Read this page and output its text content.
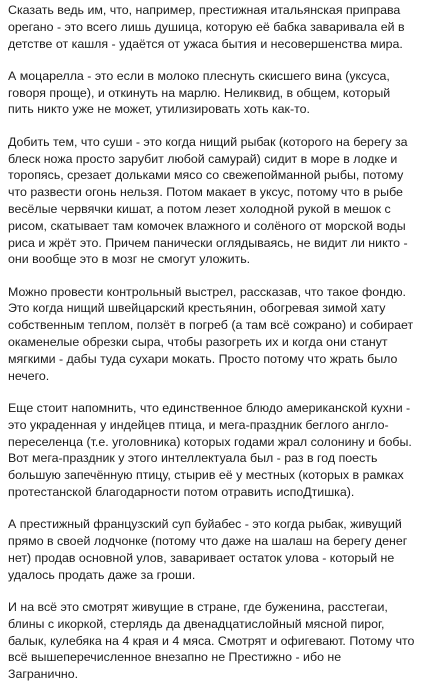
Сказать ведь им, что, например, престижная итальянская приправа
орегано - это всего лишь душица, которую её бабка заваривала ей в
детстве от кашля - удаётся от ужаса бытия и несовершенства мира.
А моцарелла - это если в молоко плеснуть скисшего вина (уксуса,
говоря проще), и откинуть на марлю. Неликвид, в общем, который
пить никто уже не может, утилизировать хоть как-то.
Добить тем, что суши - это когда нищий рыбак (которого на берегу за
блеск ножа просто зарубит любой самурай) сидит в море в лодке и
торопясь, срезает дольками мясо со свежепойманной рыбы, потому
что развести огонь нельзя. Потом макает в уксус, потому что в рыбе
весёлые червячки кишат, а потом лезет холодной рукой в мешок с
рисом, скатывает там комочек влажного и солёного от морской воды
риса и жрёт это. Причем панически оглядываясь, не видит ли никто -
они вообще это в мозг не смогут уложить.
Можно провести контрольный выстрел, рассказав, что такое фондю.
Это когда нищий швейцарский крестьянин, обогревая зимой хату
собственным теплом, ползёт в погреб (а там всё сожрано) и собирает
окаменелые обрезки сыра, чтобы разогреть их и когда они станут
мягкими - дабы туда сухари мокать. Просто потому что жрать было
нечего.
Еще стоит напомнить, что единственное блюдо американской кухни -
это украденная у индейцев птица, и мега-праздник беглого англо-
переселенца (т.е. уголовника) которых годами жрал солонину и бобы.
Вот мега-праздник у этого интеллектуала был - раз в год поесть
большую запечённую птицу, стырив её у местных (которых в рамках
протестанской благодарности потом отравить испоДтишка).
А престижный французский суп буйабес - это когда рыбак, живущий
прямо в своей лодчонке (потому что даже на шалаш на берегу денег
нет) продав основной улов, заваривает остаток улова - который не
удалось продать даже за гроши.
И на всё это смотрят живущие в стране, где буженина, расстегаи,
блины с икоркой, стерлядь да двенадцатислойный мясной пирог,
балык, кулебяка на 4 края и 4 мяса. Смотрят и офигевают. Потому что
всё вышеперечисленное внезапно не Престижно - ибо не
Загранично.
